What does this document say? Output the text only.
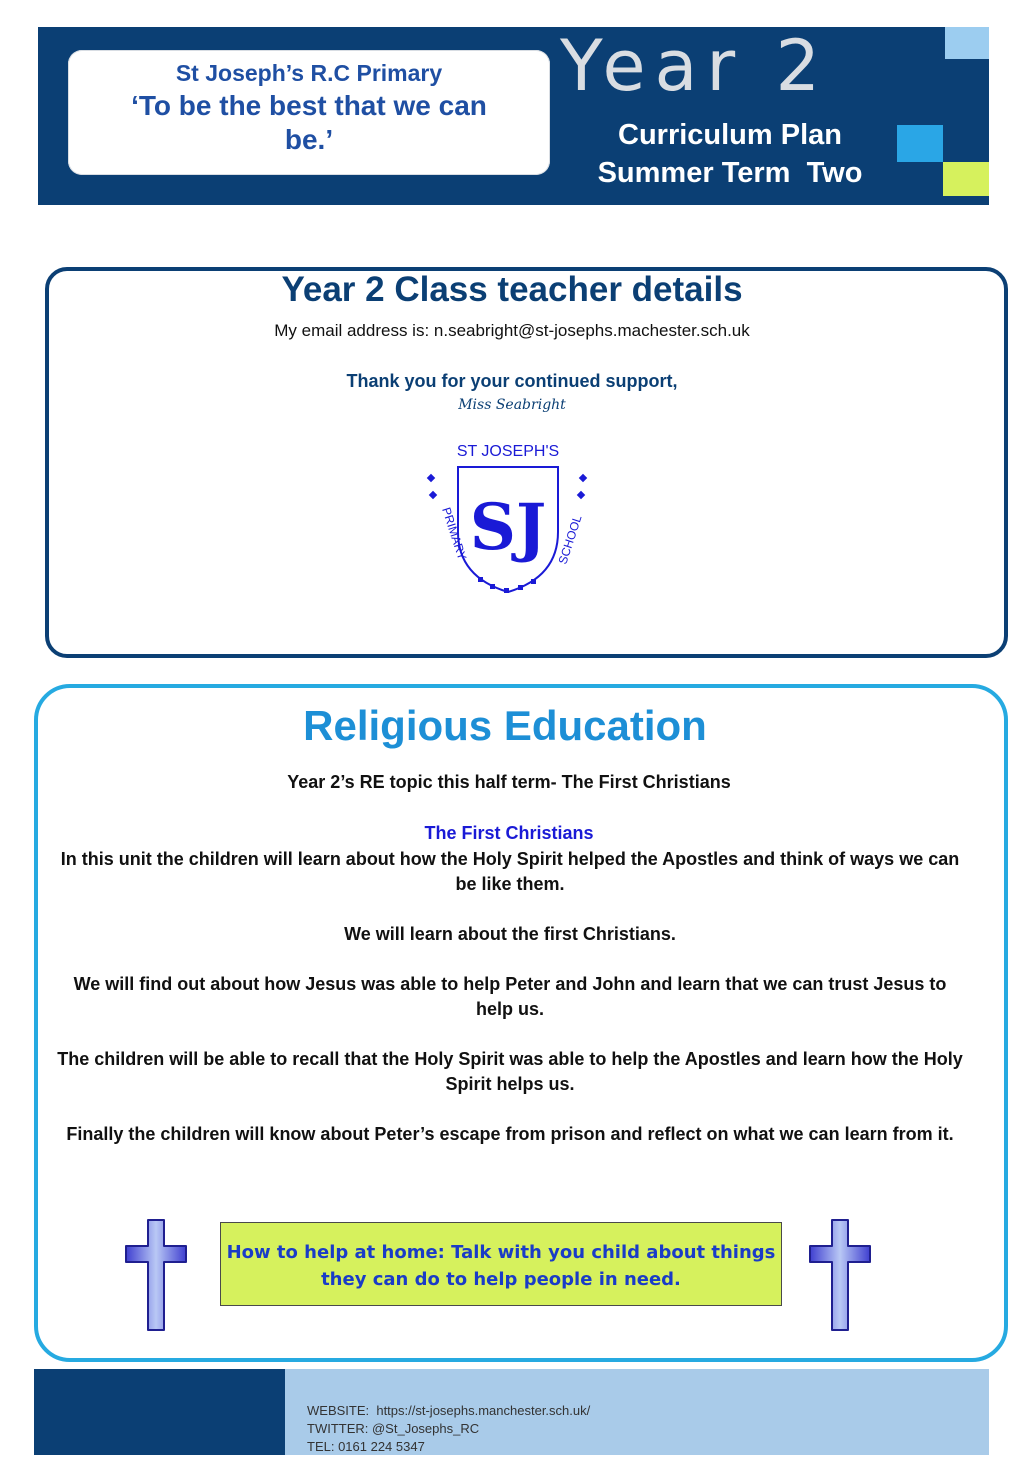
St Joseph’s R.C Primary
‘To be the best that we can be.’
Year 2
Curriculum Plan
Summer Term  Two
Year 2 Class teacher details
My email address is: n.seabright@st-josephs.machester.sch.uk
Thank you for your continued support,
Miss Seabright
ST JOSEPH'S
SJ
PRIMARY	SCHOOL
Religious Education
Year 2’s RE topic this half term- The First Christians
The First Christians
In this unit the children will learn about how the Holy Spirit helped the Apostles and think of ways we can be like them.
We will learn about the first Christians.
We will find out about how Jesus was able to help Peter and John and learn that we can trust Jesus to help us.
The children will be able to recall that the Holy Spirit was able to help the Apostles and learn how the Holy Spirit helps us.
Finally the children will know about Peter’s escape from prison and reflect on what we can learn from it.
How to help at home: Talk with you child about things
they can do to help people in need.
WEBSITE:  https://st-josephs.manchester.sch.uk/
TWITTER: @St_Josephs_RC
TEL: 0161 224 5347
